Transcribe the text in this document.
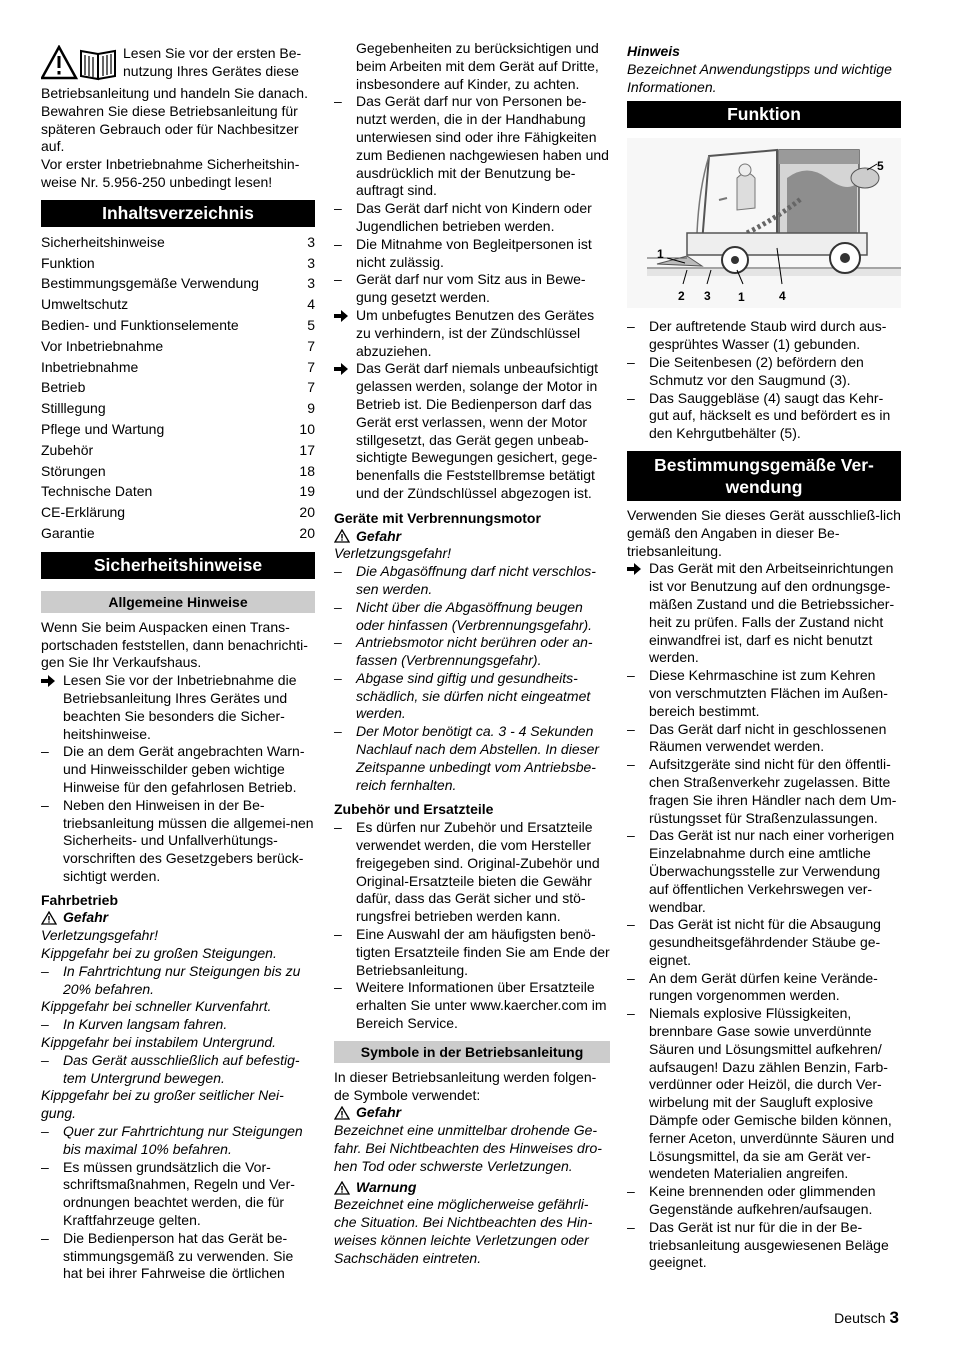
Lesen Sie vor der ersten Be-nutzung Ihres Gerätes diese

Betriebsanleitung und handeln Sie danach. Bewahren Sie diese Betriebsanleitung für späteren Gebrauch oder für Nachbesitzer auf.

Vor erster Inbetriebnahme Sicherheitshin-weise Nr. 5.956-250 unbedingt lesen!

Inhaltsverzeichnis
Sicherheitshinweise	3
Funktion	3
Bestimmungsgemäße Verwendung	3
Umweltschutz	4
Bedien- und Funktionselemente	5
Vor Inbetriebnahme	7
Inbetriebnahme	7
Betrieb	7
Stilllegung	9
Pflege und Wartung	10
Zubehör	17
Störungen	18
Technische Daten	19
CE-Erklärung	20
Garantie	20
Sicherheitshinweise
Allgemeine Hinweise

Wenn Sie beim Auspacken einen Trans-portschaden feststellen, dann benachrichti-gen Sie Ihr Verkaufshaus.

Lesen Sie vor der Inbetriebnahme die Betriebsanleitung Ihres Gerätes und beachten Sie besonders die Sicher-heitshinweise.
–	Die an dem Gerät angebrachten Warn- und Hinweisschilder geben wichtige Hinweise für den gefahrlosen Betrieb.
–	Neben den Hinweisen in der Be-triebsanleitung müssen die allgemei-nen Sicherheits- und Unfallverhütungs-vorschriften des Gesetzgebers berück-sichtigt werden.

Fahrbetrieb

Gefahr

Verletzungsgefahr!

Kippgefahr bei zu großen Steigungen.

–	In Fahrtrichtung nur Steigungen bis zu 20% befahren.

Kippgefahr bei schneller Kurvenfahrt.

–	In Kurven langsam fahren.

Kippgefahr bei instabilem Untergrund.

–	Das Gerät ausschließlich auf befestig-tem Untergrund bewegen.

Kippgefahr bei zu großer seitlicher Nei-gung.

–	Quer zur Fahrtrichtung nur Steigungen bis maximal 10% befahren.
–	Es müssen grundsätzlich die Vor-schriftsmaßnahmen, Regeln und Ver-ordnungen beachtet werden, die für Kraftfahrzeuge gelten.
–	Die Bedienperson hat das Gerät be-stimmungsgemäß zu verwenden. Sie hat bei ihrer Fahrweise die örtlichen

Gegebenheiten zu berücksichtigen und beim Arbeiten mit dem Gerät auf Dritte, insbesondere auf Kinder, zu achten.

–	Das Gerät darf nur von Personen be-nutzt werden, die in der Handhabung unterwiesen sind oder ihre Fähigkeiten zum Bedienen nachgewiesen haben und ausdrücklich mit der Benutzung be-auftragt sind.
–	Das Gerät darf nicht von Kindern oder Jugendlichen betrieben werden.
–	Die Mitnahme von Begleitpersonen ist nicht zulässig.
–	Gerät darf nur vom Sitz aus in Bewe-gung gesetzt werden.
Um unbefugtes Benutzen des Gerätes zu verhindern, ist der Zündschlüssel abzuziehen.
Das Gerät darf niemals unbeaufsichtigt gelassen werden, solange der Motor in Betrieb ist. Die Bedienperson darf das Gerät erst verlassen, wenn der Motor stillgesetzt, das Gerät gegen unbeab-sichtigte Bewegungen gesichert, gege-benenfalls die Feststellbremse betätigt und der Zündschlüssel abgezogen ist.

Geräte mit Verbrennungsmotor

Gefahr

Verletzungsgefahr!

–	Die Abgasöffnung darf nicht verschlos-sen werden.
–	Nicht über die Abgasöffnung beugen oder hinfassen (Verbrennungsgefahr).
–	Antriebsmotor nicht berühren oder an-fassen (Verbrennungsgefahr).
–	Abgase sind giftig und gesundheits-schädlich, sie dürfen nicht eingeatmet werden.
–	Der Motor benötigt ca. 3 - 4 Sekunden Nachlauf nach dem Abstellen. In dieser Zeitspanne unbedingt vom Antriebsbe-reich fernhalten.

Zubehör und Ersatzteile

–	Es dürfen nur Zubehör und Ersatzteile verwendet werden, die vom Hersteller freigegeben sind. Original-Zubehör und Original-Ersatzteile bieten die Gewähr dafür, dass das Gerät sicher und stö-rungsfrei betrieben werden kann.
–	Eine Auswahl der am häufigsten benö-tigten Ersatzteile finden Sie am Ende der Betriebsanleitung.
–	Weitere Informationen über Ersatzteile erhalten Sie unter www.kaercher.com im Bereich Service.
Symbole in der Betriebsanleitung

In dieser Betriebsanleitung werden folgen-de Symbole verwendet:

Gefahr

Bezeichnet eine unmittelbar drohende Ge-fahr. Bei Nichtbeachten des Hinweises dro-hen Tod oder schwerste Verletzungen.

Warnung

Bezeichnet eine möglicherweise gefährli-che Situation. Bei Nichtbeachten des Hin-weises können leichte Verletzungen oder Sachschäden eintreten.

Hinweis

Bezeichnet Anwendungstipps und wichtige Informationen.

Funktion
1
2 3 1	4
5
–	Der auftretende Staub wird durch aus-gesprühtes Wasser (1) gebunden.
–	Die Seitenbesen (2) befördern den Schmutz vor den Saugmund (3).
–	Das Sauggebläse (4) saugt das Kehr-gut auf, häckselt es und befördert es in den Kehrgutbehälter (5).
Bestimmungsgemäße Ver-wendung

Verwenden Sie dieses Gerät ausschließ-lich gemäß den Angaben in dieser Be-triebsanleitung.

Das Gerät mit den Arbeitseinrichtungen ist vor Benutzung auf den ordnungsge-mäßen Zustand und die Betriebssicher-heit zu prüfen. Falls der Zustand nicht einwandfrei ist, darf es nicht benutzt werden.
–	Diese Kehrmaschine ist zum Kehren von verschmutzten Flächen im Außen-bereich bestimmt.
–	Das Gerät darf nicht in geschlossenen Räumen verwendet werden.
–	Aufsitzgeräte sind nicht für den öffentli-chen Straßenverkehr zugelassen. Bitte fragen Sie ihren Händler nach dem Um-rüstungsset für Straßenzulassungen.
–	Das Gerät ist nur nach einer vorherigen Einzelabnahme durch eine amtliche Überwachungsstelle zur Verwendung auf öffentlichen Verkehrswegen ver-wendbar.
–	Das Gerät ist nicht für die Absaugung gesundheitsgefährdender Stäube ge-eignet.
–	An dem Gerät dürfen keine Verände-rungen vorgenommen werden.
–	Niemals explosive Flüssigkeiten, brennbare Gase sowie unverdünnte Säuren und Lösungsmittel aufkehren/ aufsaugen! Dazu zählen Benzin, Farb-verdünner oder Heizöl, die durch Ver-wirbelung mit der Saugluft explosive Dämpfe oder Gemische bilden können, ferner Aceton, unverdünnte Säuren und Lösungsmittel, da sie am Gerät ver-wendeten Materialien angreifen.
–	Keine brennenden oder glimmenden Gegenstände aufkehren/aufsaugen.
–	Das Gerät ist nur für die in der Be-triebsanleitung ausgewiesenen Beläge geeignet.
Deutsch 3
